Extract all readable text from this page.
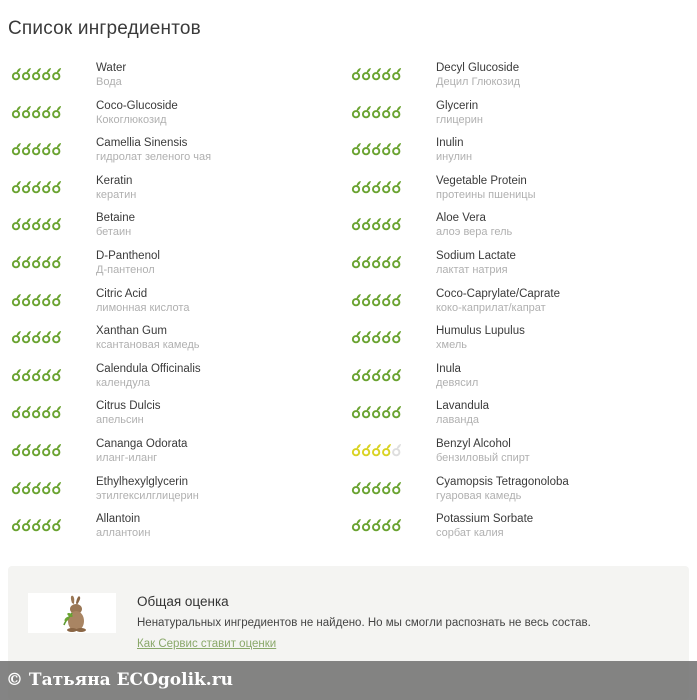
Список ингредиентов
Water
Вода
Decyl Glucoside
Децил Глюкозид
Coco-Glucoside
Кокоглюкозид
Glycerin
глицерин
Camellia Sinensis
гидролат зеленого чая
Inulin
инулин
Keratin
кератин
Vegetable Protein
протеины пшеницы
Betaine
бетаин
Aloe Vera
алоэ вера гель
D-Panthenol
Д-пантенол
Sodium Lactate
лактат натрия
Citric Acid
лимонная кислота
Coco-Caprylate/Caprate
коко-каприлат/капрат
Xanthan Gum
ксантановая камедь
Humulus Lupulus
хмель
Calendula Officinalis
календула
Inula
девясил
Citrus Dulcis
апельсин
Lavandula
лаванда
Cananga Odorata
иланг-иланг
Benzyl Alcohol
бензиловый спирт
Ethylhexylglycerin
этилгексилглицерин
Cyamopsis Tetragonoloba
гуаровая камедь
Allantoin
аллантоин
Potassium Sorbate
сорбат калия
Общая оценка
Ненатуральных ингредиентов не найдено. Но мы смогли распознать не весь состав.
Как Сервис ставит оценки
© Татьяна ECOgolik.ru
